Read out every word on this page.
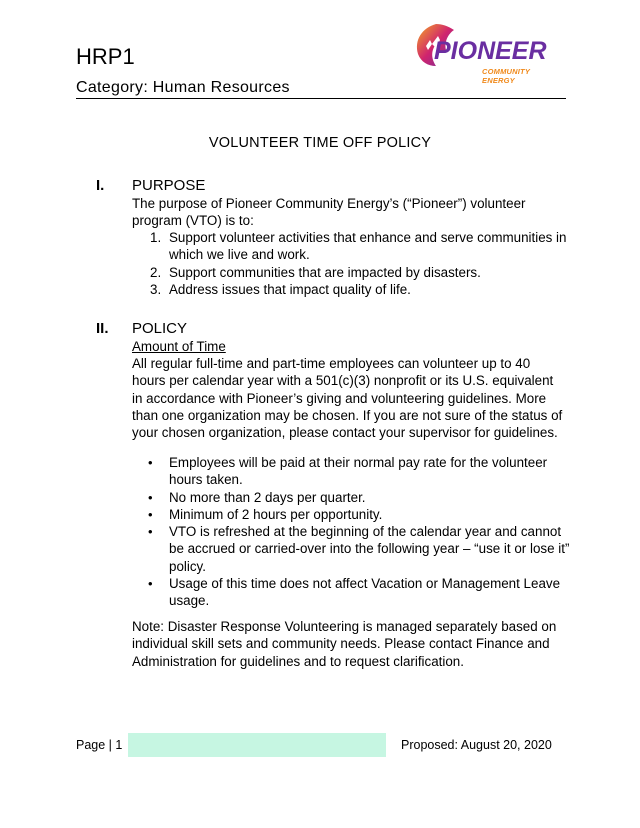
HRP1
Category: Human Resources
PIONEER
COMMUNITY ENERGY
VOLUNTEER TIME OFF POLICY
I. PURPOSE

The purpose of Pioneer Community Energy’s (“Pioneer”) volunteer program (VTO) is to:

1. Support volunteer activities that enhance and serve communities in which we live and work.
2. Support communities that are impacted by disasters.
3. Address issues that impact quality of life.
II. POLICY
Amount of Time

All regular full-time and part-time employees can volunteer up to 40 hours per calendar year with a 501(c)(3) nonprofit or its U.S. equivalent in accordance with Pioneer’s giving and volunteering guidelines. More than one organization may be chosen. If you are not sure of the status of your chosen organization, please contact your supervisor for guidelines.

• Employees will be paid at their normal pay rate for the volunteer hours taken.
• No more than 2 days per quarter.
• Minimum of 2 hours per opportunity.
• VTO is refreshed at the beginning of the calendar year and cannot be accrued or carried-over into the following year – “use it or lose it” policy.
• Usage of this time does not affect Vacation or Management Leave usage.

Note: Disaster Response Volunteering is managed separately based on individual skill sets and community needs. Please contact Finance and Administration for guidelines and to request clarification.

Page | 1	Proposed: August 20, 2020
